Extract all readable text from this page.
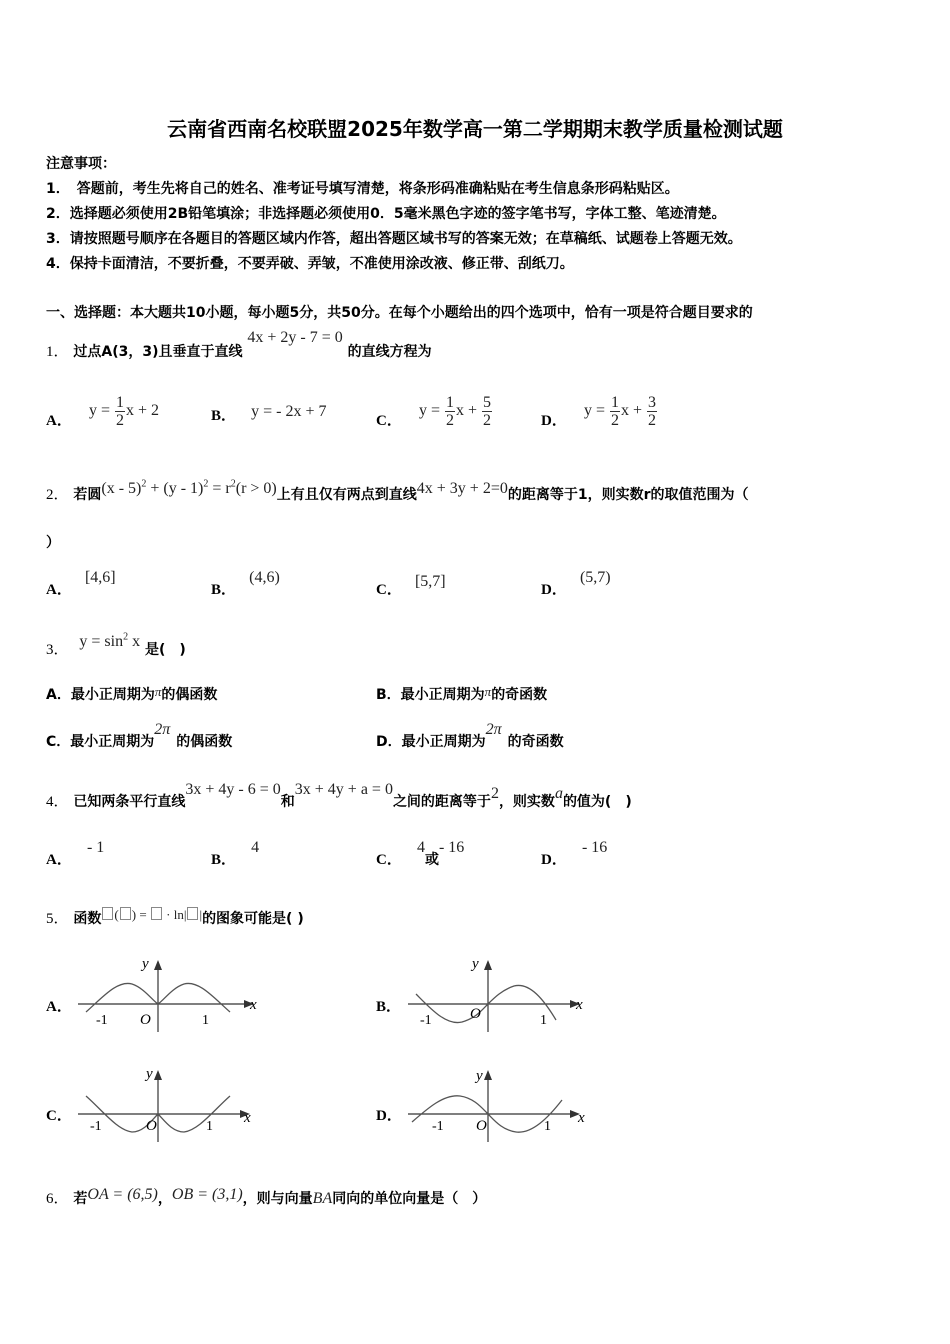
云南省西南名校联盟2025年数学高一第二学期期末教学质量检测试题
注意事项：
1．　答题前，考生先将自己的姓名、准考证号填写清楚，将条形码准确粘贴在考生信息条形码粘贴区。
2．选择题必须使用2B铅笔填涂；非选择题必须使用0．5毫米黑色字迹的签字笔书写，字体工整、笔迹清楚。
3．请按照题号顺序在各题目的答题区域内作答，超出答题区域书写的答案无效；在草稿纸、试题卷上答题无效。
4．保持卡面清洁，不要折叠，不要弄破、弄皱，不准使用涂改液、修正带、刮纸刀。
一、选择题：本大题共10小题，每小题5分，共50分。在每个小题给出的四个选项中，恰有一项是符合题目要求的
1． 过点A(3，3)且垂直于直线 4x + 2y - 7 = 0 的直线方程为
A． $y = \frac{1}{2}$ x + 2	B． y = - 2x + 7
C． $y = \frac{1}{2}$ $x + \frac{5}{2}$	D． $y = \frac{1}{2}$ $x + \frac{3}{2}$
2． 若圆$(x - 5)^2 + (y - 1)^2 = r^2(r > 0)$上有且仅有两点到直线4x + 3y + 2=0的距离等于1，则实数r的取值范围为（
）
A． [4,6]
B． (4,6)
C． [5,7]	D． (5,7)
3． $y = \sin^2 x$ 是(　)
A．最小正周期为π的偶函数	B．最小正周期为π的奇函数
C．最小正周期为2π的偶函数	D．最小正周期为2π的奇函数
4． 已知两条平行直线3x + 4y - 6 = 0和3x + 4y + a = 0之间的距离等于2，则实数a的值为(　)
A． - 1
B． 4
C． 4或- 16
D． - 16
5． 函数 ( ) =  · ln| |的图象可能是( )
A．	x
y
O
-1	1
B．	x
y
O
-1	1
C．	x
y
O
-1	1
D．	x
y
O
-1	1
6． 若OA = (6,5)，OB = (3,1)，则与向量BA同向的单位向量是（　）
